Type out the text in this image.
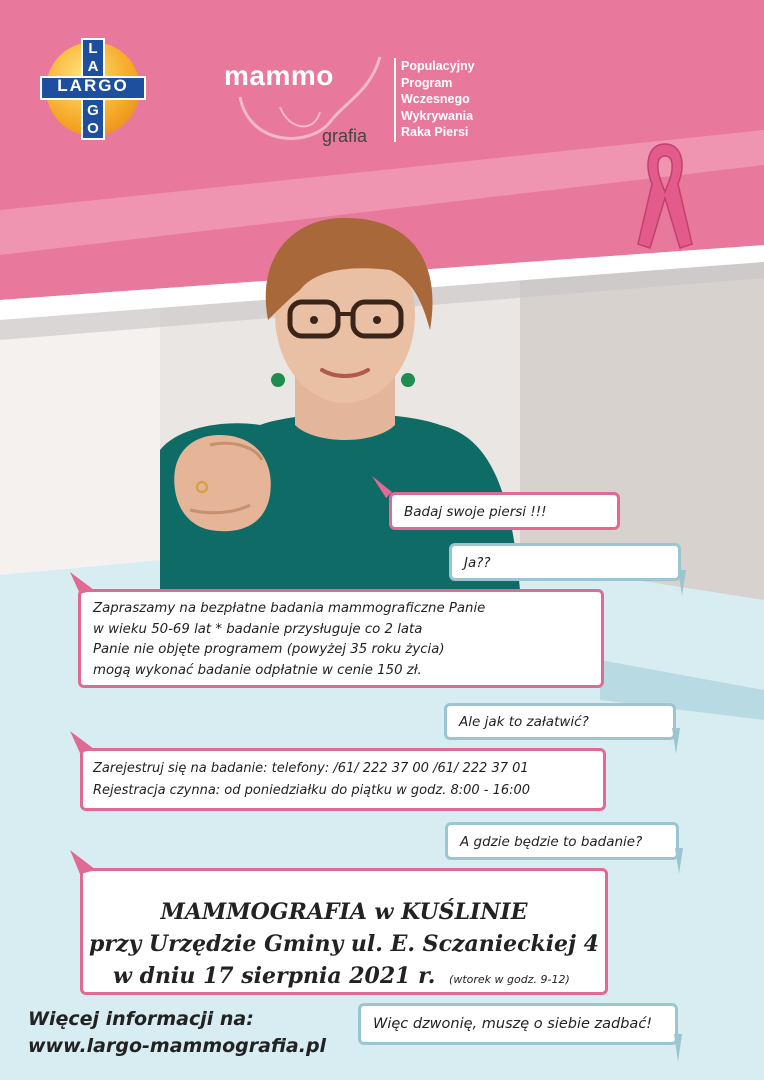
LARGO
L
A
G
O
mammo
grafia
Populacyjny
Program
Wczesnego
Wykrywania
Raka Piersi
Badaj swoje piersi !!!
Ja??
Zapraszamy na bezpłatne badania mammograficzne Panie
w wieku 50-69 lat * badanie przysługuje co 2 lata
Panie nie objęte programem (powyżej 35 roku życia)
mogą wykonać badanie odpłatnie w cenie 150 zł.
Ale jak to załatwić?
Zarejestruj się na badanie: telefony: /61/ 222 37 00 /61/ 222 37 01
Rejestracja czynna: od poniedziałku do piątku w godz. 8:00 - 16:00
A gdzie będzie to badanie?
MAMMOGRAFIA w KUŚLINIE
przy Urzędzie Gminy ul. E. Sczanieckiej 4
w dniu 17 sierpnia 2021 r. (wtorek w godz. 9-12)
Więc dzwonię, muszę o siebie zadbać!
Więcej informacji na:
www.largo-mammografia.pl
